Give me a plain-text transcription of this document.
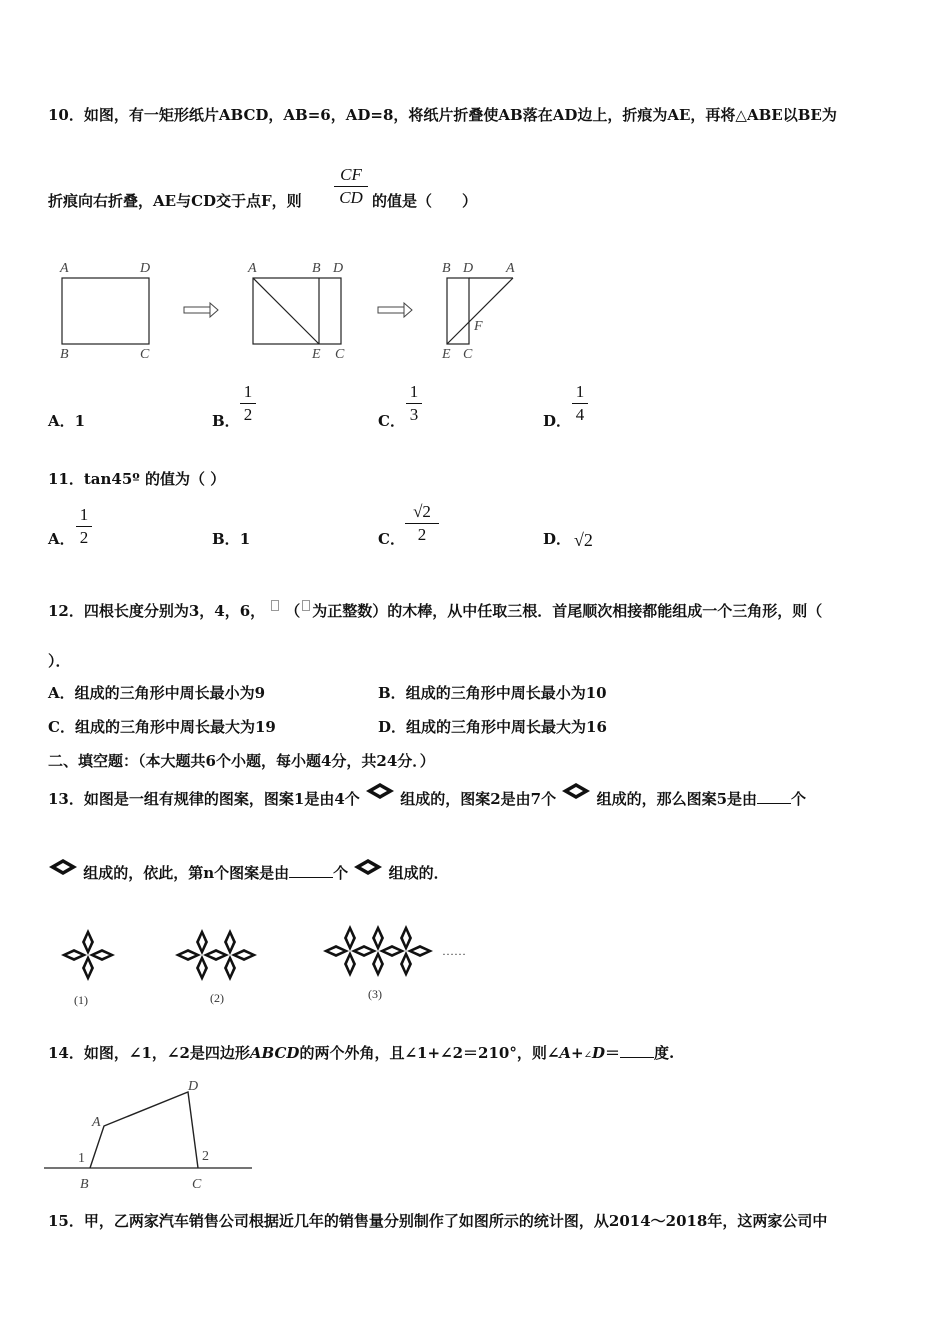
10．如图，有一矩形纸片ABCD，AB=6，AD=8，将纸片折叠使AB落在AD边上，折痕为AE，再将△ABE以BE为
折痕向右折叠，AE与CD交于点F，则
CF
CD 的值是（　　）
A	D
B	C
A	B D
E C
B D A
E C
F
A．1	B．
1
2	C．
1
3	D．
1
4
11．tan45º 的值为（ ）
A．
1
2	B．1	C．
√2
2	D． √2
12．四根长度分别为3，4，6， （ 为正整数）的木棒，从中任取三根．首尾顺次相接都能组成一个三角形，则（
）．
A．组成的三角形中周长最小为9	B．组成的三角形中周长最小为10
C．组成的三角形中周长最大为19	D．组成的三角形中周长最大为16
二、填空题：（本大题共6个小题，每小题4分，共24分．）
13．如图是一组有规律的图案，图案1是由4个	组成的，图案2是由7个	组成的，那么图案5是由 个
组成的，依此，第n个图案是由	个	组成的．
……
(1)	(2)	(3)
14．如图，∠1，∠2是四边形ABCD的两个外角，且∠1+∠2＝210°，则∠A+∠D＝ 度.
A
D
B	C
1	2
15．甲，乙两家汽车销售公司根据近几年的销售量分别制作了如图所示的统计图，从2014～2018年，这两家公司中
